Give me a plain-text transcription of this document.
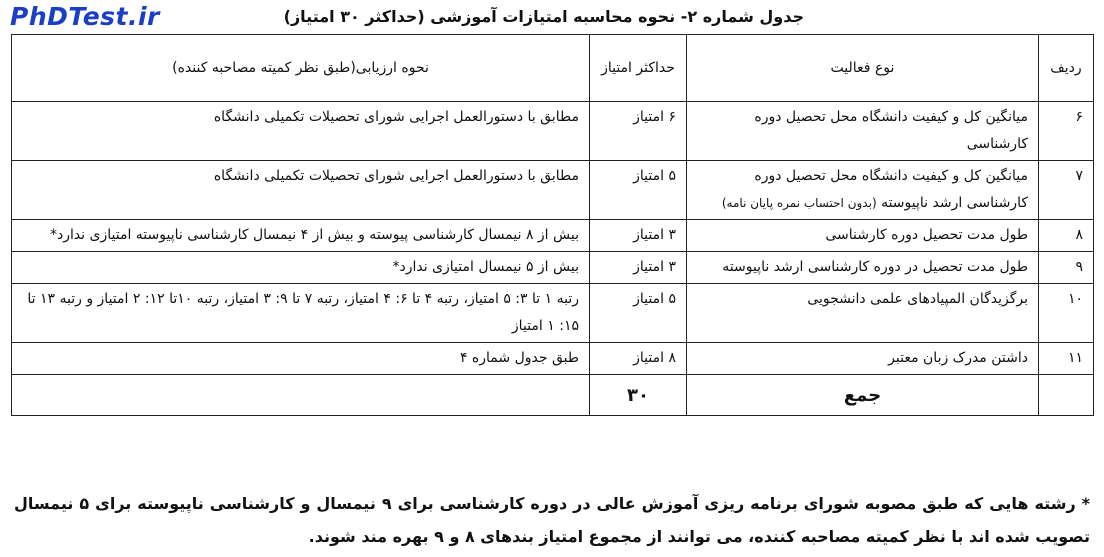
PhDTest.ir	جدول شماره ۲- نحوه محاسبه امتیازات آموزشی (حداکثر ۳۰ امتیاز)
ردیف	نوع فعالیت	حداکثر امتیاز	نحوه ارزیابی(طبق نظر کمیته مصاحبه کننده)
۶	میانگین کل و کیفیت دانشگاه محل تحصیل دوره کارشناسی	۶ امتیاز	مطابق با دستورالعمل اجرایی شورای تحصیلات تکمیلی دانشگاه
۷	میانگین کل و کیفیت دانشگاه محل تحصیل دوره کارشناسی ارشد ناپیوسته (بدون احتساب نمره پایان نامه)	۵ امتیاز	مطابق با دستورالعمل اجرایی شورای تحصیلات تکمیلی دانشگاه
۸	طول مدت تحصیل دوره کارشناسی	۳ امتیاز	بیش از ۸ نیمسال کارشناسی پیوسته و بیش از ۴ نیمسال کارشناسی ناپیوسته امتیازی ندارد*
۹	طول مدت تحصیل در دوره کارشناسی ارشد ناپیوسته	۳ امتیاز	بیش از ۵ نیمسال امتیازی ندارد*
۱۰	برگزیدگان المپیادهای علمی دانشجویی	۵ امتیاز	رتبه ۱ تا ۳: ۵ امتیاز، رتبه ۴ تا ۶: ۴ امتیاز، رتبه ۷ تا ۹: ۳ امتیاز، رتبه ۱۰تا ۱۲: ۲ امتیاز و رتبه ۱۳ تا ۱۵: ۱ امتیاز
۱۱	داشتن مدرک زبان معتبر	۸ امتیاز	طبق جدول شماره ۴
	جمع	۳۰	
* رشته هایی که طبق مصوبه شورای برنامه ریزی آموزش عالی در دوره کارشناسی برای ۹ نیمسال و کارشناسی ناپیوسته برای ۵ نیمسال تصویب شده اند با نظر کمیته مصاحبه کننده، می توانند از مجموع امتیاز بندهای ۸ و ۹ بهره مند شوند.
